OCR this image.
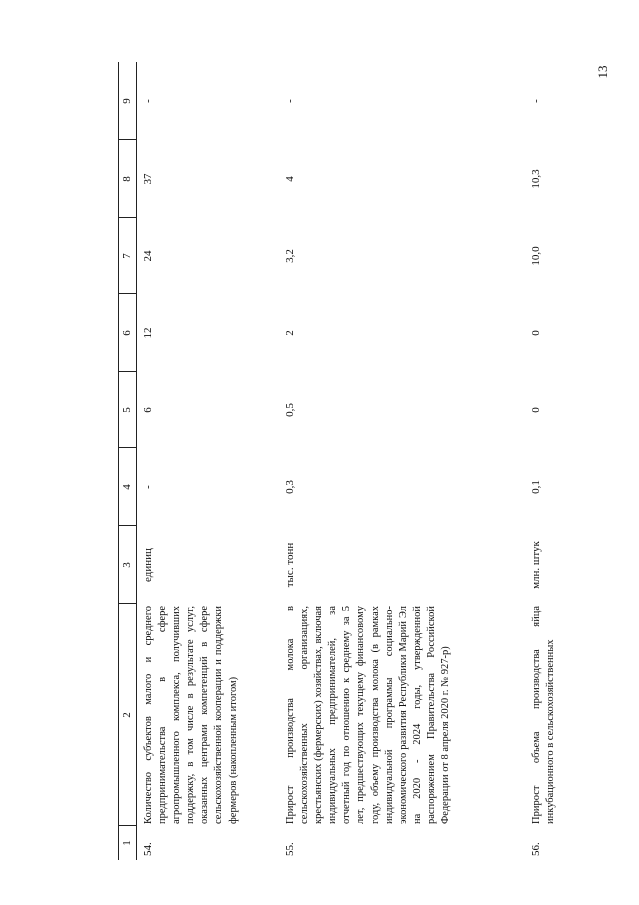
13
1
2
3
4
5
6
7
8
9
54.
Количество субъектов малого и среднего предпринимательства в сфере агропромышленного комплекса, получивших поддержку, в том числе в результате услуг, оказанных центрами компетенций в сфере сельскохозяйственной кооперации и поддержки фермеров (накопленным итогом)
единиц
-
6
12
24
37
-
55.
Прирост производства молока в сельскохозяйственных организациях, крестьянских (фермерских) хозяйствах, включая индивидуальных предпринимателей, за отчетный год по отношению к среднему за 5 лет, предшествующих текущему финансовому году, объему производства молока (в рамках индивидуальной программы социально-экономического развития Республики Марий Эл на 2020 - 2024 годы, утвержденной распоряжением Правительства Российской Федерации от 8 апреля 2020 г. № 927-р)
тыс. тонн
0,3
0,5
2
3,2
4
-
56.
Прирост объема производства яйца инкубационного в сельскохозяйственных
млн. штук
0,1
0
0
10,0
10,3
-
